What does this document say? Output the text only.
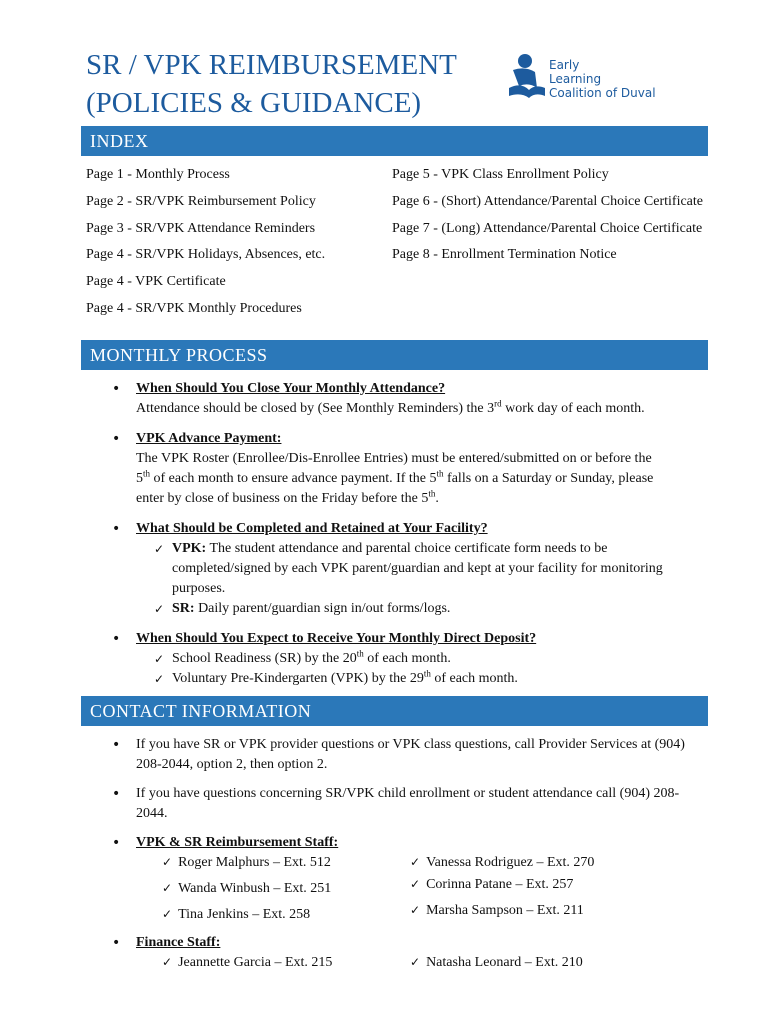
SR / VPK REIMBURSEMENT
(POLICIES & GUIDANCE)
Early
Learning
Coalition of Duval
INDEX
Page 1 - Monthly Process
Page 2 - SR/VPK Reimbursement Policy
Page 3 - SR/VPK Attendance Reminders
Page 4 - SR/VPK Holidays, Absences, etc.
Page 4 - VPK Certificate
Page 4 - SR/VPK Monthly Procedures
Page 5 - VPK Class Enrollment Policy
Page 6 - (Short) Attendance/Parental Choice Certificate
Page 7 - (Long) Attendance/Parental Choice Certificate
Page 8 - Enrollment Termination Notice
MONTHLY PROCESS
• When Should You Close Your Monthly Attendance?
Attendance should be closed by (See Monthly Reminders) the 3rd work day of each month.
• VPK Advance Payment:
The VPK Roster (Enrollee/Dis-Enrollee Entries) must be entered/submitted on or before the
5th of each month to ensure advance payment. If the 5th falls on a Saturday or Sunday, please
enter by close of business on the Friday before the 5th.
• What Should be Completed and Retained at Your Facility?
✓ VPK: The student attendance and parental choice certificate form needs to be completed/signed by each VPK parent/guardian and kept at your facility for monitoring purposes.
✓ SR: Daily parent/guardian sign in/out forms/logs.
• When Should You Expect to Receive Your Monthly Direct Deposit?
✓ School Readiness (SR) by the 20th of each month.
✓ Voluntary Pre-Kindergarten (VPK) by the 29th of each month.
CONTACT INFORMATION
• If you have SR or VPK provider questions or VPK class questions, call Provider Services at (904) 208-2044, option 2, then option 2.
• If you have questions concerning SR/VPK child enrollment or student attendance call (904) 208-2044.
• VPK & SR Reimbursement Staff:
✓ Roger Malphurs – Ext. 512
✓ Wanda Winbush – Ext. 251
✓ Tina Jenkins – Ext. 258
✓ Vanessa Rodriguez – Ext. 270
✓ Corinna Patane – Ext. 257
✓ Marsha Sampson – Ext. 211
• Finance Staff:
✓ Jeannette Garcia – Ext. 215	✓ Natasha Leonard – Ext. 210
